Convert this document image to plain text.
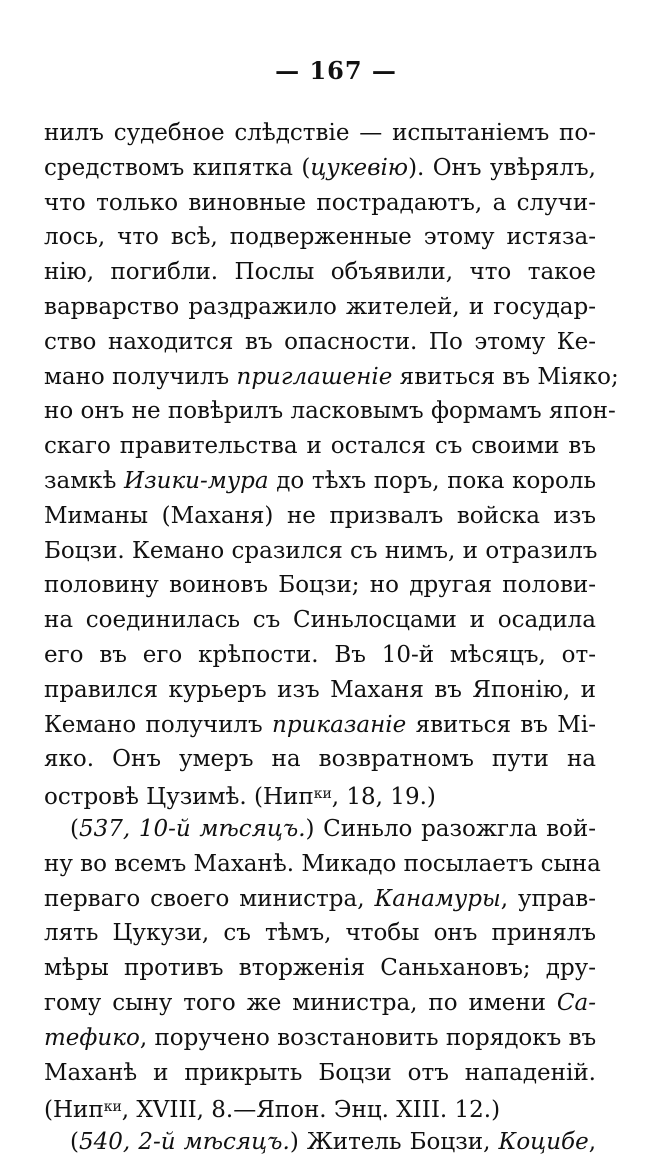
— 167 —
нилъ судебное слѣдствіе — испытаніемъ по-
средствомъ кипятка (цукевію). Онъ увѣрялъ,
что только виновные пострадаютъ, а случи-
лось, что всѣ, подверженные этому истяза-
нію, погибли. Послы объявили, что такое
варварство раздражило жителей, и государ-
ство находится въ опасности. По этому Ке-
мано получилъ приглашеніе явиться въ Міяко;
но онъ не повѣрилъ ласковымъ формамъ япон-
скаго правительства и остался съ своими въ
замкѣ Изики-мура до тѣхъ поръ, пока король
Миманы (Маханя) не призвалъ войска изъ
Боцзи. Кемано сразился съ нимъ, и отразилъ
половину воиновъ Боцзи; но другая полови-
на соединилась съ Синьлосцами и осадила
его въ его крѣпости. Въ 10-й мѣсяцъ, от-
правился курьеръ изъ Маханя въ Японію, и
Кемано получилъ приказаніе явиться въ Мі-
яко. Онъ умеръ на возвратномъ пути на
островѣ Цузимѣ. (Нип$^{ки}$, 18, 19.)
(537, 10-й мѣсяцъ.) Синьло разожгла вой-
ну во всемъ Маханѣ. Микадо посылаетъ сына
перваго своего министра, Канамуры, управ-
лять Цукузи, съ тѣмъ, чтобы онъ принялъ
мѣры противъ вторженія Саньхановъ; дру-
гому сыну того же министра, по имени Са-
тефико, поручено возстановить порядокъ въ
Маханѣ и прикрыть Боцзи отъ нападеній.
(Нип$^{ки}$, XVIII, 8.—Япон. Энц. XIII. 12.)
(540, 2-й мѣсяцъ.) Житель Боцзи, Коцибе,
